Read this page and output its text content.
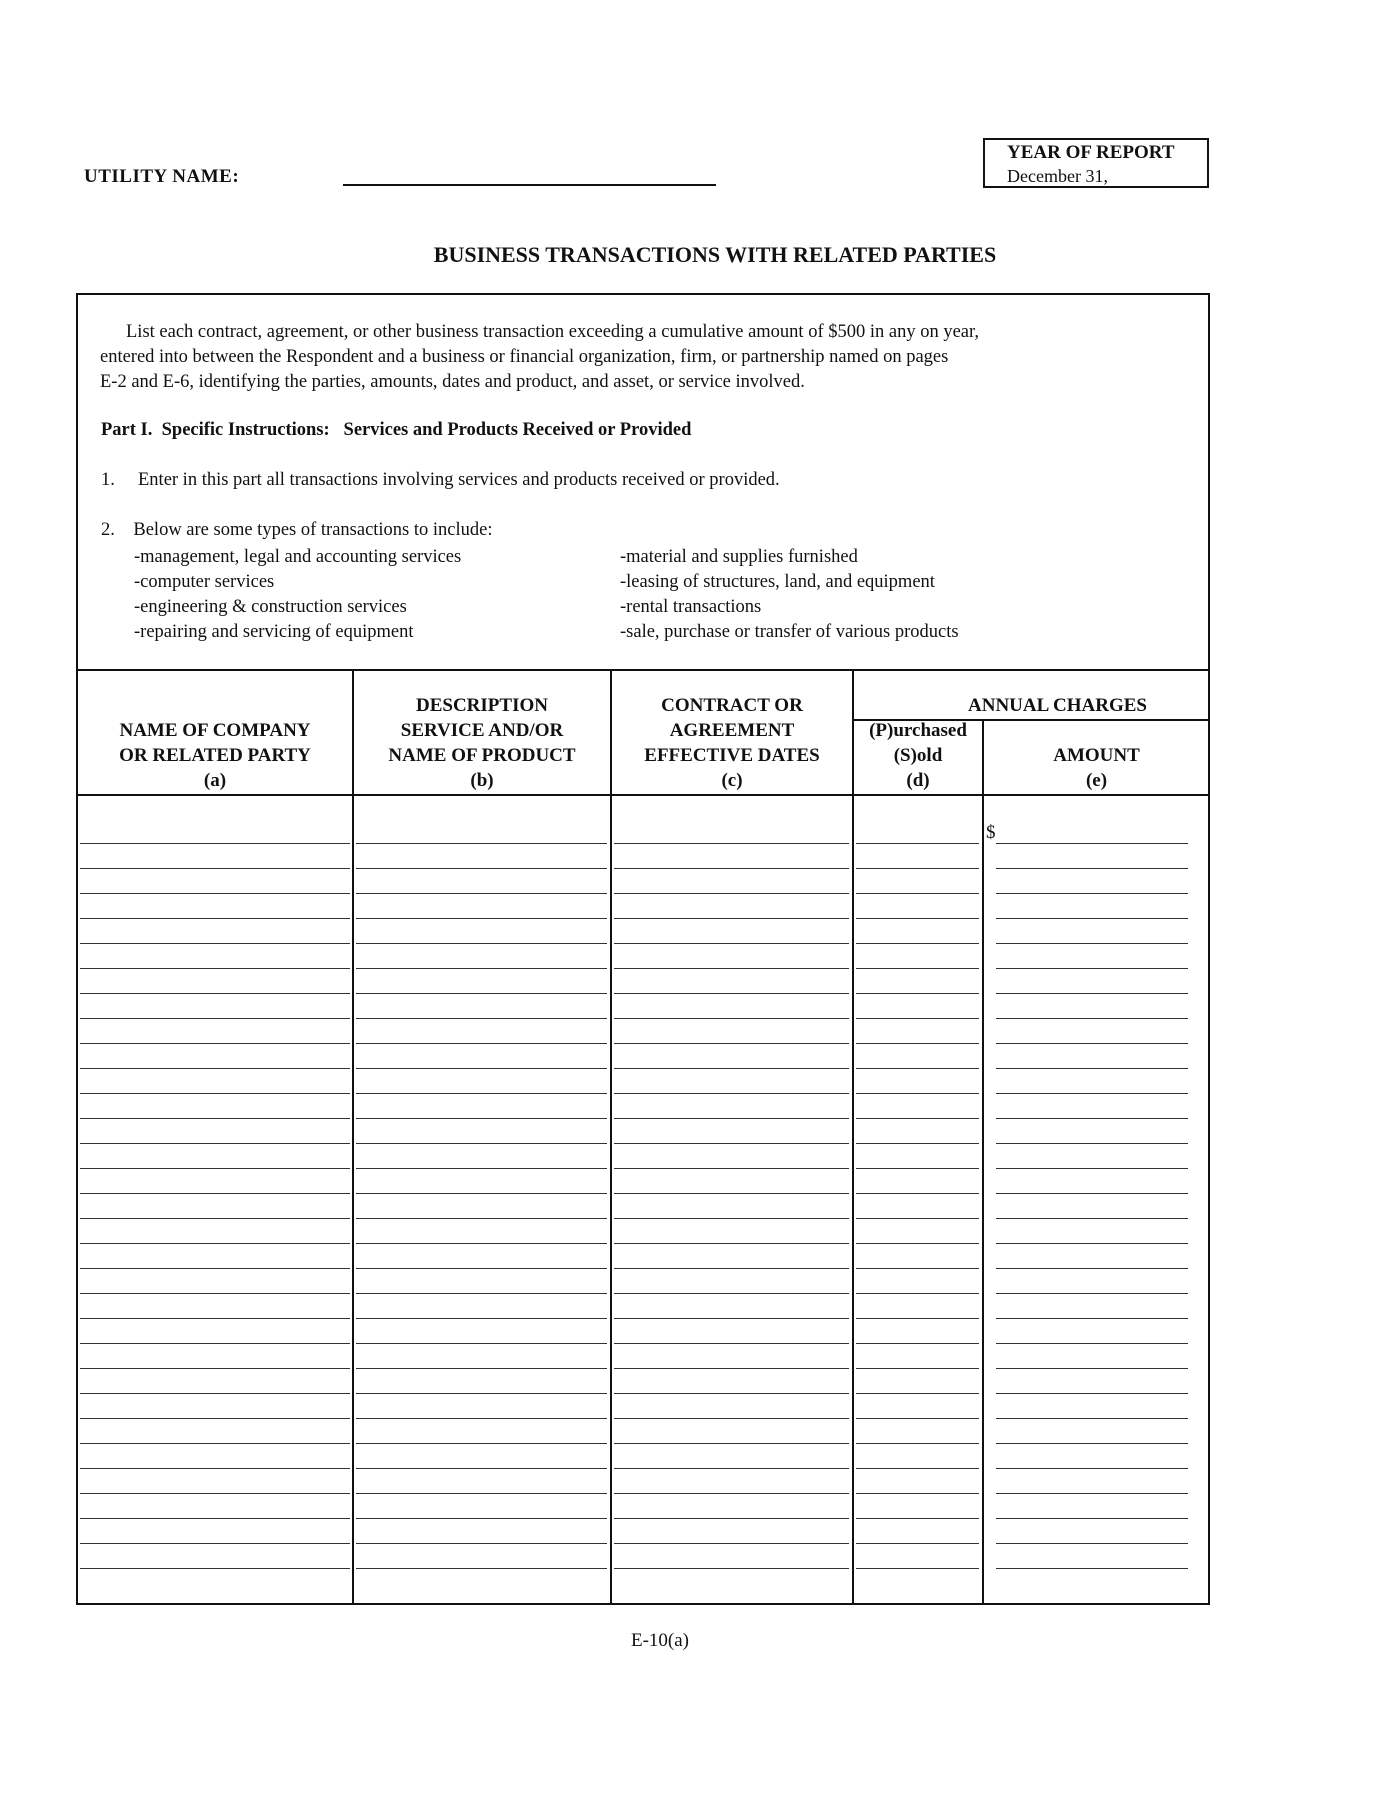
UTILITY NAME:
YEAR OF REPORT
December 31,
BUSINESS TRANSACTIONS WITH RELATED PARTIES

List each contract, agreement, or other business transaction exceeding a cumulative amount of $500 in any on year,

entered into between the Respondent and a business or financial organization, firm, or partnership named on pages

E-2 and E-6, identifying the parties, amounts, dates and product, and asset, or service involved.

Part I.  Specific Instructions:   Services and Products Received or Provided
1.     Enter in this part all transactions involving services and products received or provided.
2.    Below are some types of transactions to include:
-management, legal and accounting services
-computer services
-engineering & construction services
-repairing and servicing of equipment
-material and supplies furnished
-leasing of structures, land, and equipment
-rental transactions
-sale, purchase or transfer of various products
NAME OF COMPANY
OR RELATED PARTY
(a)
DESCRIPTION
SERVICE AND/OR
NAME OF PRODUCT
(b)
CONTRACT OR
AGREEMENT
EFFECTIVE DATES
(c)
ANNUAL CHARGES
(P)urchased
(S)old
(d)
AMOUNT
(e)
$
E-10(a)
